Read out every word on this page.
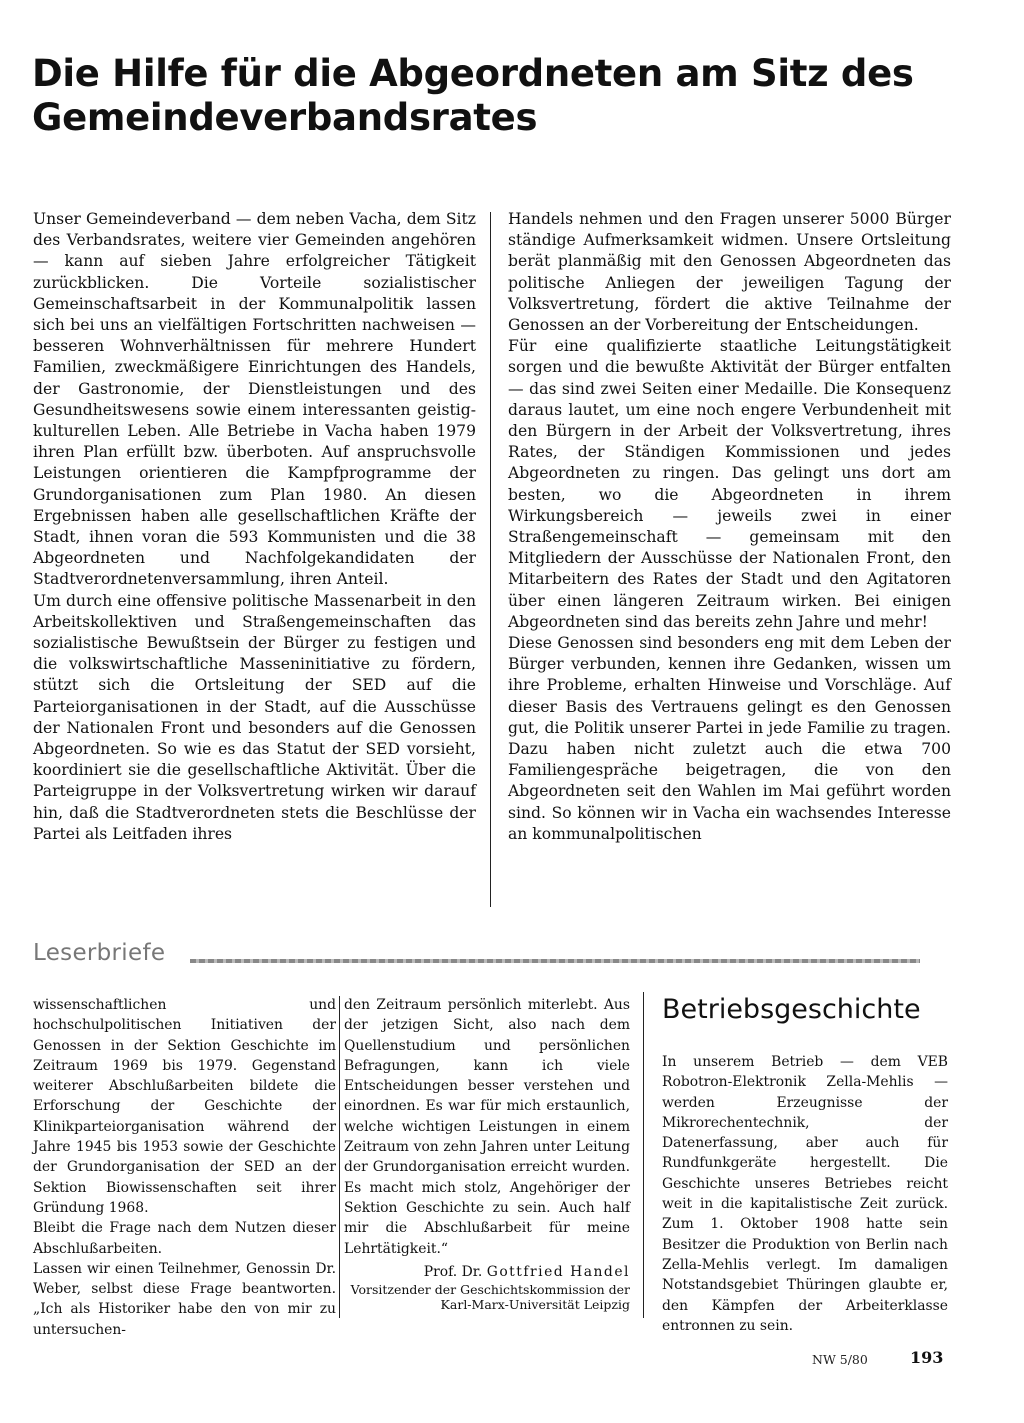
Die Hilfe für die Abgeordneten am Sitz des Gemeindeverbandsrates

Unser Gemeindeverband — dem neben Vacha, dem Sitz des Verbandsrates, weitere vier Gemeinden angehören — kann auf sieben Jahre erfolgreicher Tätigkeit zurückblicken. Die Vorteile sozialistischer Gemeinschaftsarbeit in der Kommunalpolitik lassen sich bei uns an vielfältigen Fortschritten nachweisen — besseren Wohnverhältnissen für mehrere Hundert Familien, zweckmäßigere Einrichtungen des Handels, der Gastronomie, der Dienstleistungen und des Gesundheitswesens sowie einem interessanten geistig-kulturellen Leben. Alle Betriebe in Vacha haben 1979 ihren Plan erfüllt bzw. überboten. Auf anspruchsvolle Leistungen orientieren die Kampfprogramme der Grundorganisationen zum Plan 1980. An diesen Ergebnissen haben alle gesellschaftlichen Kräfte der Stadt, ihnen voran die 593 Kommunisten und die 38 Abgeordneten und Nachfolgekandidaten der Stadtverordnetenversammlung, ihren Anteil.

Um durch eine offensive politische Massenarbeit in den Arbeitskollektiven und Straßengemeinschaften das sozialistische Bewußtsein der Bürger zu festigen und die volkswirtschaftliche Masseninitiative zu fördern, stützt sich die Ortsleitung der SED auf die Parteiorganisationen in der Stadt, auf die Ausschüsse der Nationalen Front und besonders auf die Genossen Abgeordneten. So wie es das Statut der SED vorsieht, koordiniert sie die gesellschaftliche Aktivität. Über die Parteigruppe in der Volksvertretung wirken wir darauf hin, daß die Stadtverordneten stets die Beschlüsse der Partei als Leitfaden ihres

Handels nehmen und den Fragen unserer 5000 Bürger ständige Aufmerksamkeit widmen. Unsere Ortsleitung berät planmäßig mit den Genossen Abgeordneten das politische Anliegen der jeweiligen Tagung der Volksvertretung, fördert die aktive Teilnahme der Genossen an der Vorbereitung der Entscheidungen.

Für eine qualifizierte staatliche Leitungstätigkeit sorgen und die bewußte Aktivität der Bürger entfalten — das sind zwei Seiten einer Medaille. Die Konsequenz daraus lautet, um eine noch engere Verbundenheit mit den Bürgern in der Arbeit der Volksvertretung, ihres Rates, der Ständigen Kommissionen und jedes Abgeordneten zu ringen. Das gelingt uns dort am besten, wo die Abgeordneten in ihrem Wirkungsbereich — jeweils zwei in einer Straßengemeinschaft — gemeinsam mit den Mitgliedern der Ausschüsse der Nationalen Front, den Mitarbeitern des Rates der Stadt und den Agitatoren über einen längeren Zeitraum wirken. Bei einigen Abgeordneten sind das bereits zehn Jahre und mehr!

Diese Genossen sind besonders eng mit dem Leben der Bürger verbunden, kennen ihre Gedanken, wissen um ihre Probleme, erhalten Hinweise und Vorschläge. Auf dieser Basis des Vertrauens gelingt es den Genossen gut, die Politik unserer Partei in jede Familie zu tragen. Dazu haben nicht zuletzt auch die etwa 700 Familiengespräche beigetragen, die von den Abgeordneten seit den Wahlen im Mai geführt worden sind. So können wir in Vacha ein wachsendes Interesse an kommunalpolitischen

Leserbriefe

wissenschaftlichen und hochschulpolitischen Initiativen der Genossen in der Sektion Geschichte im Zeitraum 1969 bis 1979. Gegenstand weiterer Abschlußarbeiten bildete die Erforschung der Geschichte der Klinikparteiorganisation während der Jahre 1945 bis 1953 sowie der Geschichte der Grundorganisation der SED an der Sektion Biowissenschaften seit ihrer Gründung 1968.

Bleibt die Frage nach dem Nutzen dieser Abschlußarbeiten.

Lassen wir einen Teilnehmer, Genossin Dr. Weber, selbst diese Frage beantworten. „Ich als Historiker habe den von mir zu untersuchen-

den Zeitraum persönlich miterlebt. Aus der jetzigen Sicht, also nach dem Quellenstudium und persönlichen Befragungen, kann ich viele Entscheidungen besser verstehen und einordnen. Es war für mich erstaunlich, welche wichtigen Leistungen in einem Zeitraum von zehn Jahren unter Leitung der Grundorganisation erreicht wurden. Es macht mich stolz, Angehöriger der Sektion Geschichte zu sein. Auch half mir die Abschlußarbeit für meine Lehrtätigkeit.“

Prof. Dr. Gottfried Handel

Vorsitzender der Geschichtskommission der Karl-Marx-Universität Leipzig

Betriebsgeschichte

In unserem Betrieb — dem VEB Robotron-Elektronik Zella-Mehlis — werden Erzeugnisse der Mikrorechentechnik, der Datenerfassung, aber auch für Rundfunkgeräte hergestellt. Die Geschichte unseres Betriebes reicht weit in die kapitalistische Zeit zurück. Zum 1. Oktober 1908 hatte sein Besitzer die Produktion von Berlin nach Zella-Mehlis verlegt. Im damaligen Notstandsgebiet Thüringen glaubte er, den Kämpfen der Arbeiterklasse entronnen zu sein.

NW 5/80	193
